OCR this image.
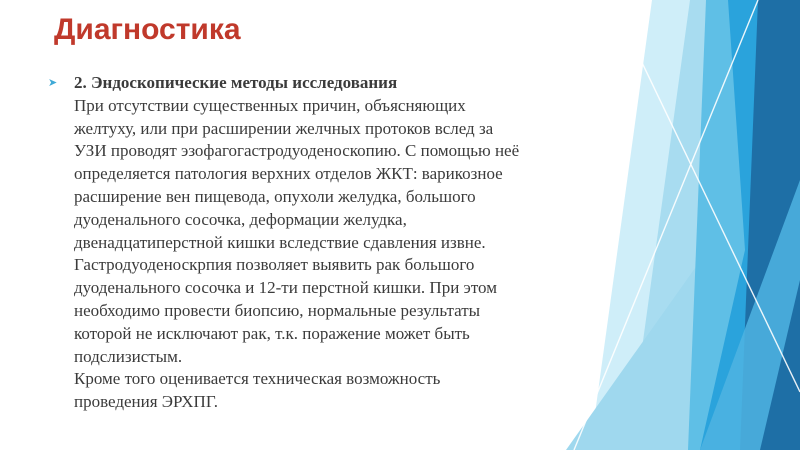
Диагностика
➤ 2. Эндоскопические методы исследования
При отсутствии существенных причин, объясняющих
желтуху, или при расширении желчных протоков вслед за
УЗИ проводят эзофагогастродуоденоскопию. С помощью неё
определяется патология верхних отделов ЖКТ: варикозное
расширение вен пищевода, опухоли желудка, большого
дуоденального сосочка, деформации желудка,
двенадцатиперстной кишки вследствие сдавления извне.
Гастродуоденоскрпия позволяет выявить рак большого
дуоденального сосочка и 12-ти перстной кишки. При этом
необходимо провести биопсию, нормальные результаты
которой не исключают рак, т.к. поражение может быть
подслизистым.
Кроме того оценивается техническая возможность
проведения ЭРХПГ.
